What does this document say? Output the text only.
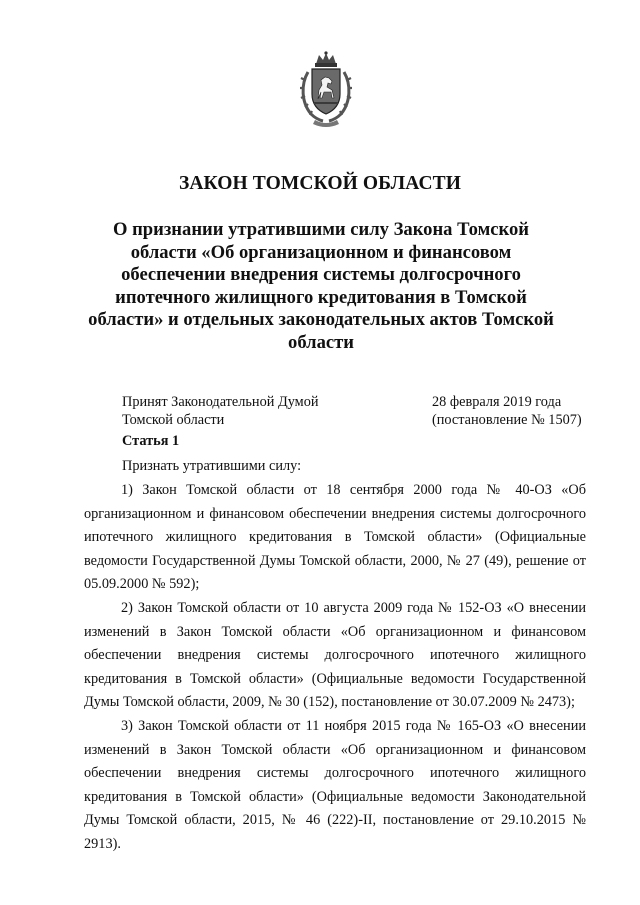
ЗАКОН ТОМСКОЙ ОБЛАСТИ
О признании утратившими силу Закона Томской
области «Об организационном и финансовом
обеспечении внедрения системы долгосрочного
ипотечного жилищного кредитования в Томской
области» и отдельных законодательных актов Томской
области
Принят Законодательной Думой
Томской области
28 февраля 2019 года
(постановление № 1507)
Статья 1
Признать утратившими силу:

1) Закон Томской области от 18 сентября 2000 года № 40-ОЗ «Об организационном и финансовом обеспечении внедрения системы долгосрочного ипотечного жилищного кредитования в Томской области» (Официальные ведомости Государственной Думы Томской области, 2000, № 27 (49), решение от 05.09.2000 № 592);

2) Закон Томской области от 10 августа 2009 года № 152-ОЗ «О внесении изменений в Закон Томской области «Об организационном и финансовом обеспечении внедрения системы долгосрочного ипотечного жилищного кредитования в Томской области» (Официальные ведомости Государственной Думы Томской области, 2009, № 30 (152), постановление от 30.07.2009 № 2473);

3) Закон Томской области от 11 ноября 2015 года № 165-ОЗ «О внесении изменений в Закон Томской области «Об организационном и финансовом обеспечении внедрения системы долгосрочного ипотечного жилищного кредитования в Томской области» (Официальные ведомости Законодательной Думы Томской области, 2015, № 46 (222)-II, постановление от 29.10.2015 № 2913).
